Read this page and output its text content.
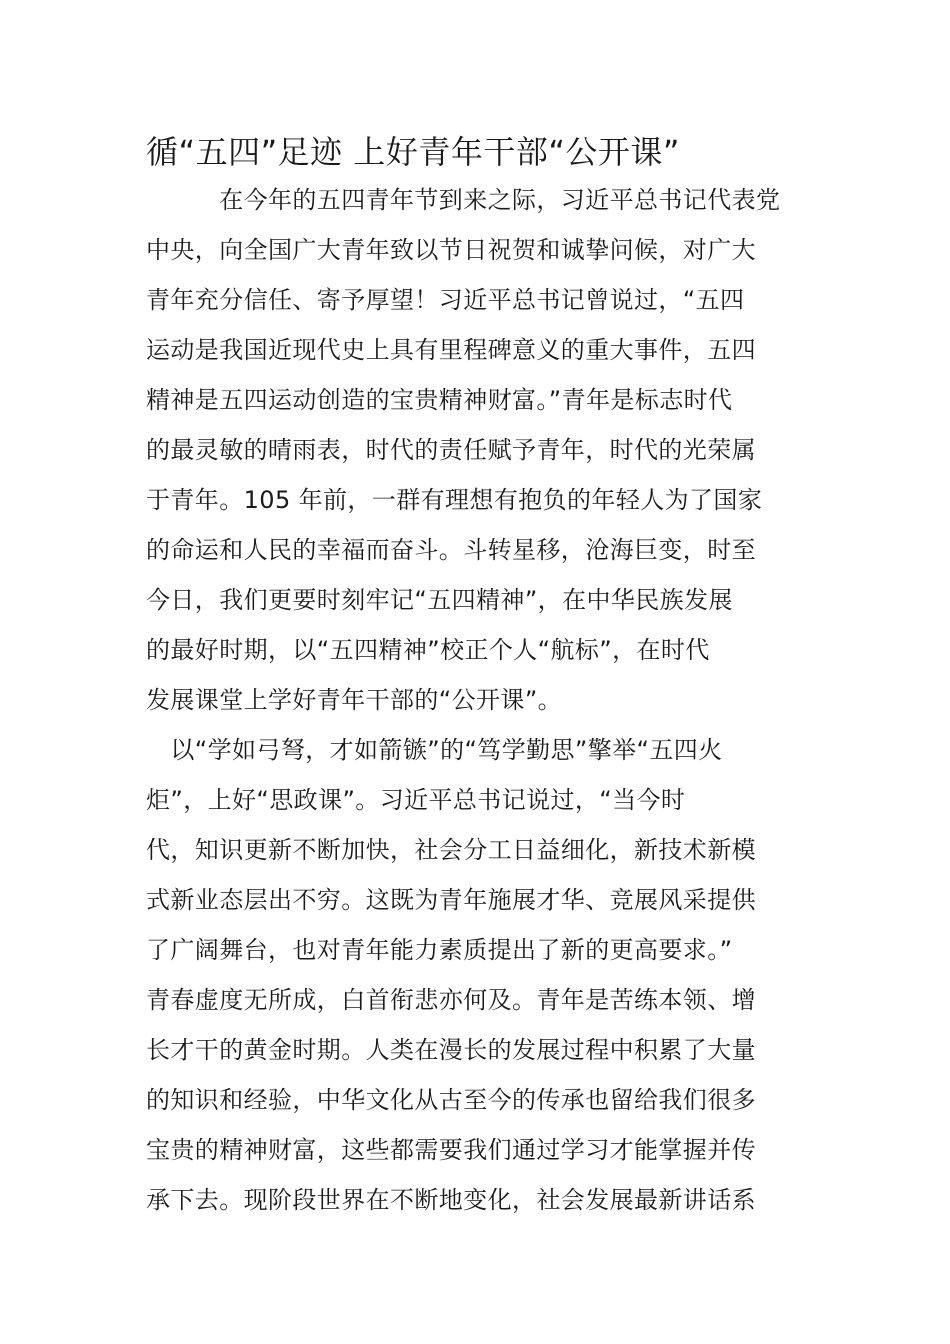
循“五四”足迹 上好青年干部“公开课”
　　　在今年的五四青年节到来之际，习近平总书记代表党
中央，向全国广大青年致以节日祝贺和诚挚问候，对广大
青年充分信任、寄予厚望！习近平总书记曾说过，“五四
运动是我国近现代史上具有里程碑意义的重大事件，五四
精神是五四运动创造的宝贵精神财富。”青年是标志时代
的最灵敏的晴雨表，时代的责任赋予青年，时代的光荣属
于青年。105 年前，一群有理想有抱负的年轻人为了国家
的命运和人民的幸福而奋斗。斗转星移，沧海巨变，时至
今日，我们更要时刻牢记“五四精神”，在中华民族发展
的最好时期，以“五四精神”校正个人“航标”，在时代
发展课堂上学好青年干部的“公开课”。
　以“学如弓弩，才如箭镞”的“笃学勤思”擎举“五四火
炬”，上好“思政课”。习近平总书记说过，“当今时
代，知识更新不断加快，社会分工日益细化，新技术新模
式新业态层出不穷。这既为青年施展才华、竞展风采提供
了广阔舞台，也对青年能力素质提出了新的更高要求。”
青春虚度无所成，白首衔悲亦何及。青年是苦练本领、增
长才干的黄金时期。人类在漫长的发展过程中积累了大量
的知识和经验，中华文化从古至今的传承也留给我们很多
宝贵的精神财富，这些都需要我们通过学习才能掌握并传
承下去。现阶段世界在不断地变化，社会发展最新讲话系
